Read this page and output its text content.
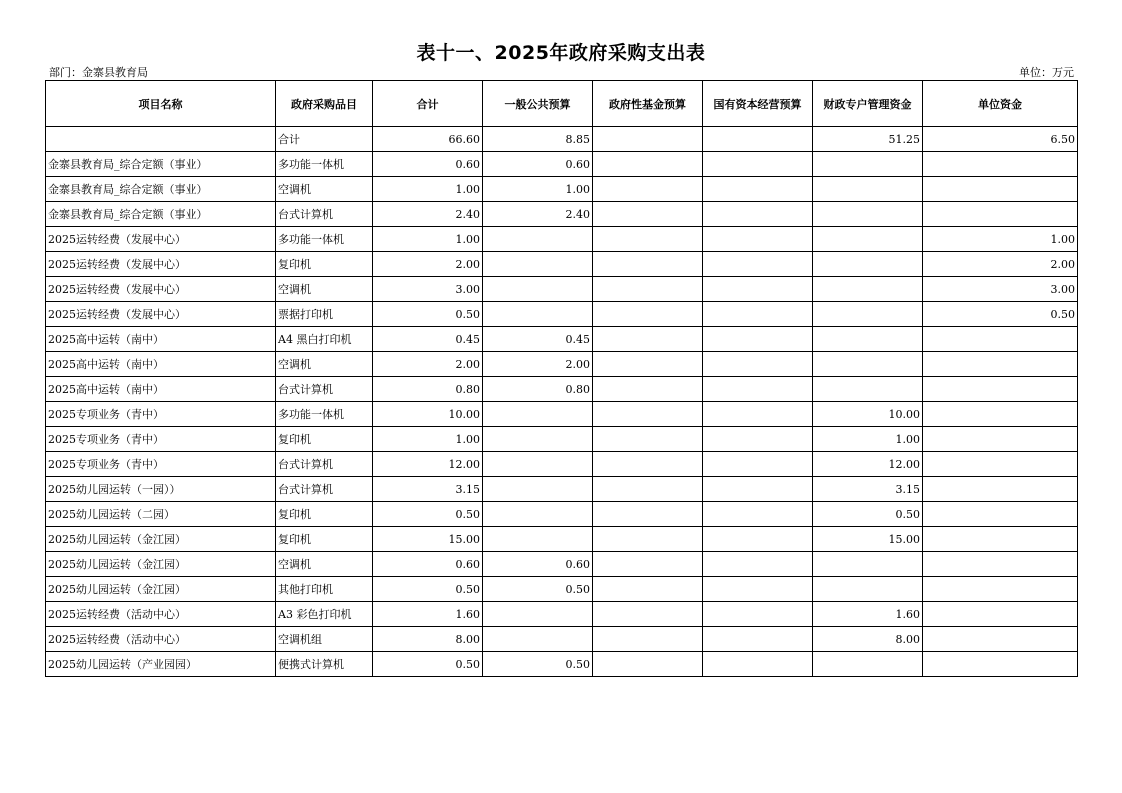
表十一、2025年政府采购支出表
部门：金寨县教育局	单位：万元
项目名称	政府采购品目	合计	一般公共预算	政府性基金预算	国有资本经营预算	财政专户管理资金	单位资金
	合计	66.60	8.85			51.25	6.50
金寨县教育局_综合定额（事业）	多功能一体机	0.60	0.60				
金寨县教育局_综合定额（事业）	空调机	1.00	1.00				
金寨县教育局_综合定额（事业）	台式计算机	2.40	2.40				
2025运转经费（发展中心）	多功能一体机	1.00					1.00
2025运转经费（发展中心）	复印机	2.00					2.00
2025运转经费（发展中心）	空调机	3.00					3.00
2025运转经费（发展中心）	票据打印机	0.50					0.50
2025高中运转（南中）	A4 黑白打印机	0.45	0.45				
2025高中运转（南中）	空调机	2.00	2.00				
2025高中运转（南中）	台式计算机	0.80	0.80				
2025专项业务（青中）	多功能一体机	10.00				10.00	
2025专项业务（青中）	复印机	1.00				1.00	
2025专项业务（青中）	台式计算机	12.00				12.00	
2025幼儿园运转（一园））	台式计算机	3.15				3.15	
2025幼儿园运转（二园）	复印机	0.50				0.50	
2025幼儿园运转（金江园）	复印机	15.00				15.00	
2025幼儿园运转（金江园）	空调机	0.60	0.60				
2025幼儿园运转（金江园）	其他打印机	0.50	0.50				
2025运转经费（活动中心）	A3 彩色打印机	1.60				1.60	
2025运转经费（活动中心）	空调机组	8.00				8.00	
2025幼儿园运转（产业园园）	便携式计算机	0.50	0.50				
